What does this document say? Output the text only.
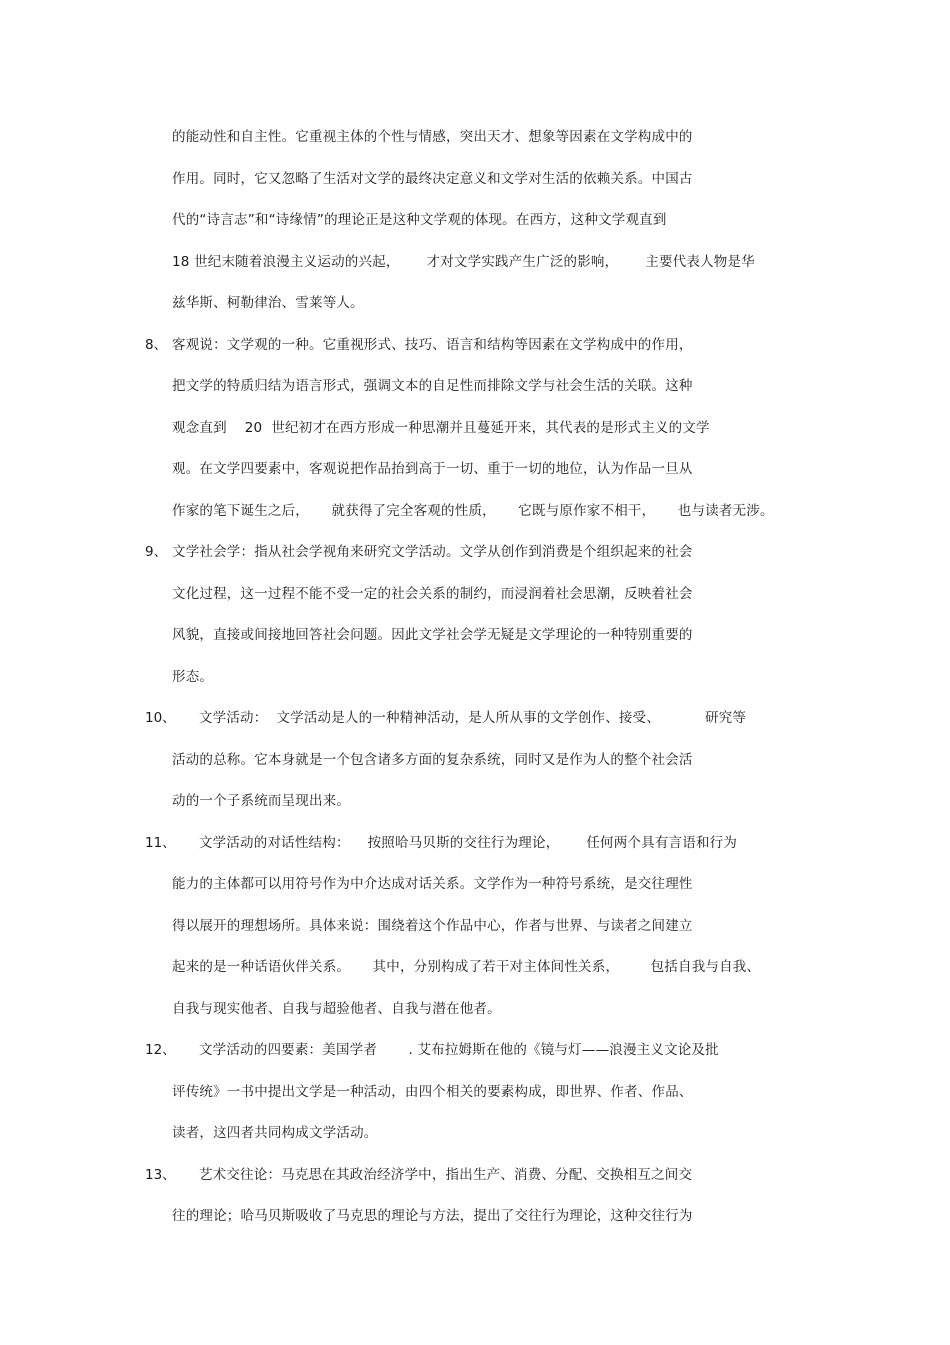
的能动性和自主性。它重视主体的个性与情感，突出天才、想象等因素在文学构成中的
作用。同时，它又忽略了生活对文学的最终决定意义和文学对生活的依赖关系。中国古
代的“诗言志”和“诗缘情”的理论正是这种文学观的体现。在西方，这种文学观直到
18 世纪末随着浪漫主义运动的兴起，      才对文学实践产生广泛的影响，      主要代表人物是华
兹华斯、柯勒律治、雪莱等人。
8、 客观说：文学观的一种。它重视形式、技巧、语言和结构等因素在文学构成中的作用，
把文学的特质归结为语言形式，强调文本的自足性而排除文学与社会生活的关联。这种
观念直到    20  世纪初才在西方形成一种思潮并且蔓延开来，其代表的是形式主义的文学
观。在文学四要素中，客观说把作品抬到高于一切、重于一切的地位，认为作品一旦从
作家的笔下诞生之后，     就获得了完全客观的性质，     它既与原作家不相干，     也与读者无涉。
9、 文学社会学：指从社会学视角来研究文学活动。文学从创作到消费是个组织起来的社会
文化过程，这一过程不能不受一定的社会关系的制约，而浸润着社会思潮，反映着社会
风貌，直接或间接地回答社会问题。因此文学社会学无疑是文学理论的一种特别重要的
形态。
10、
文学活动：  文学活动是人的一种精神活动，是人所从事的文学创作、接受、          研究等
活动的总称。它本身就是一个包含诸多方面的复杂系统，同时又是作为人的整个社会活
动的一个子系统而呈现出来。
11、
文学活动的对话性结构：    按照哈马贝斯的交往行为理论，      任何两个具有言语和行为
能力的主体都可以用符号作为中介达成对话关系。文学作为一种符号系统，是交往理性
得以展开的理想场所。具体来说：围绕着这个作品中心，作者与世界、与读者之间建立
起来的是一种话语伙伴关系。     其中，分别构成了若干对主体间性关系，       包括自我与自我、
自我与现实他者、自我与超验他者、自我与潜在他者。
12、
文学活动的四要素：美国学者       . 艾布拉姆斯在他的《镜与灯——浪漫主义文论及批
评传统》一书中提出文学是一种活动，由四个相关的要素构成，即世界、作者、作品、
读者，这四者共同构成文学活动。
13、
艺术交往论：马克思在其政治经济学中，指出生产、消费、分配、交换相互之间交
往的理论；哈马贝斯吸收了马克思的理论与方法，提出了交往行为理论，这种交往行为
